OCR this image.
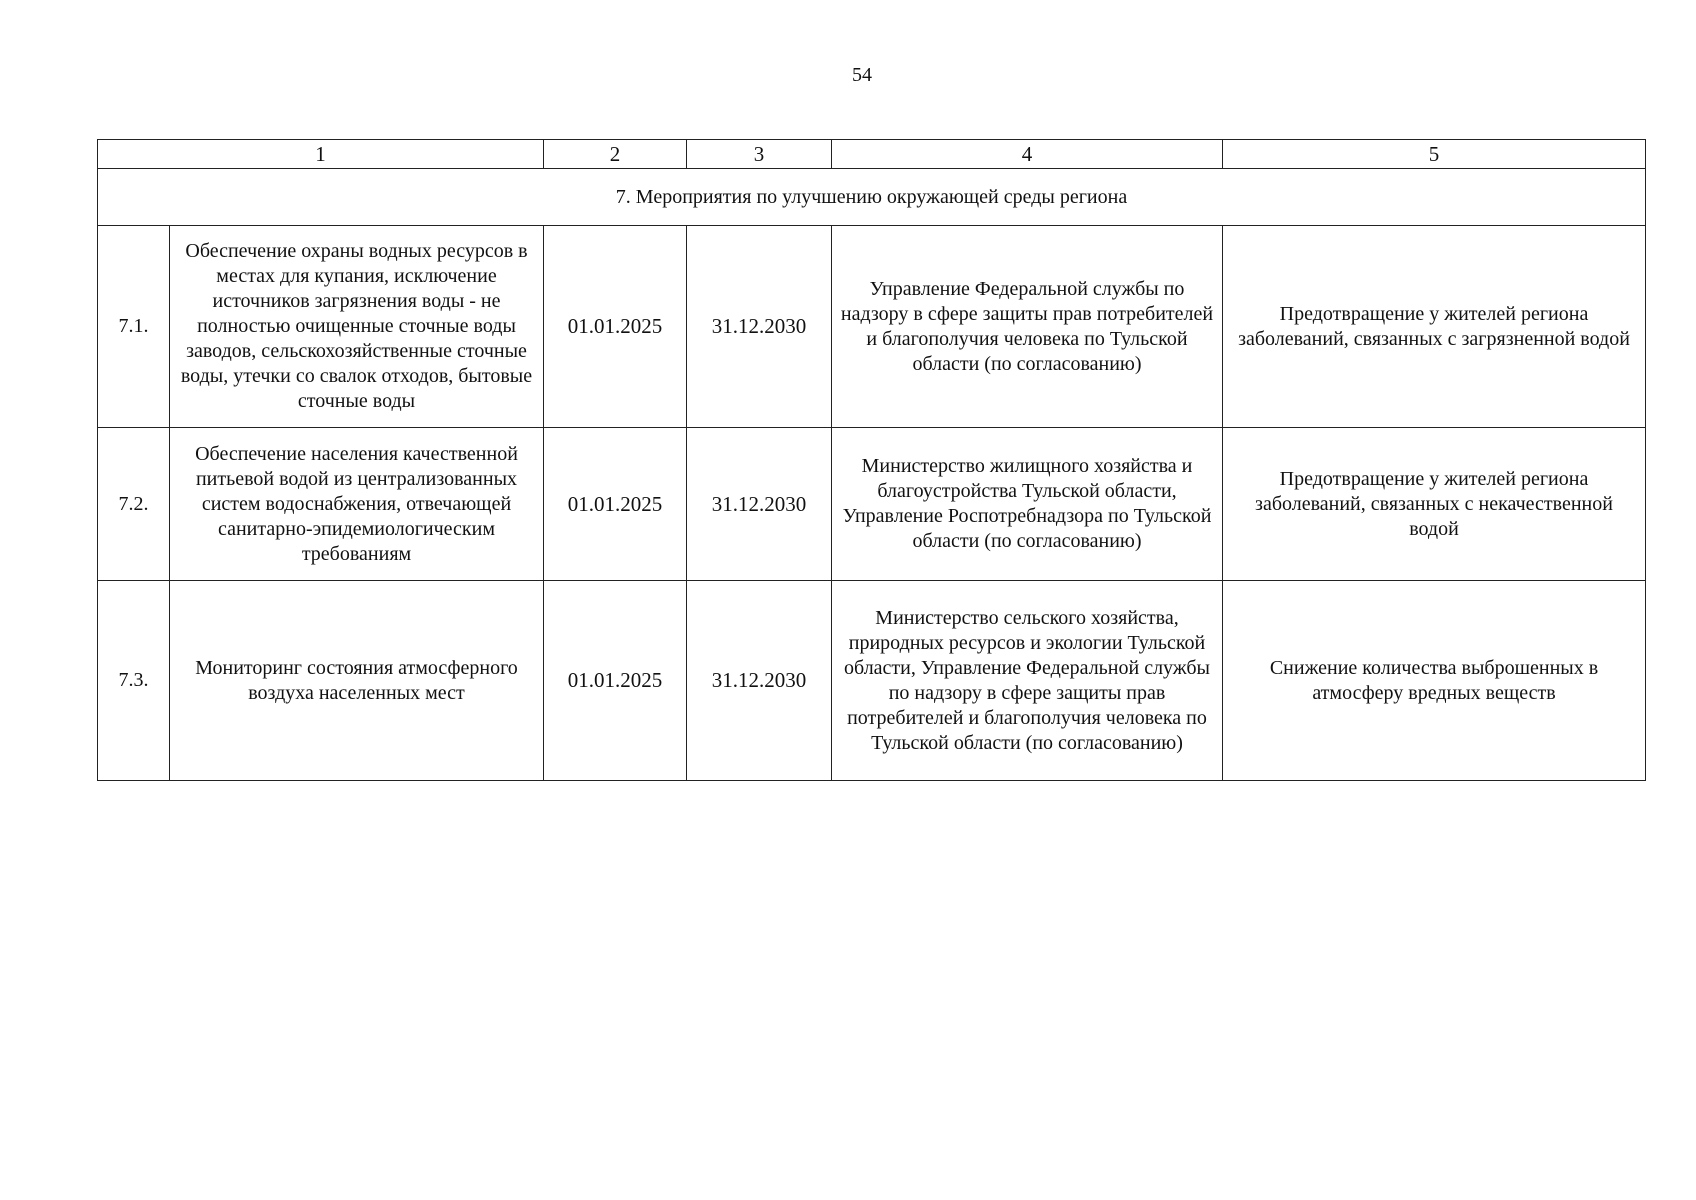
54
1		2	3	4	5
7. Мероприятия по улучшению окружающей среды региона					
7.1.	Обеспечение охраны водных ресурсов в местах для купания, исключение источников загрязнения воды - не полностью очищенные сточные воды заводов, сельскохозяйственные сточные воды, утечки со свалок отходов, бытовые сточные воды	01.01.2025	31.12.2030	Управление Федеральной службы по надзору в сфере защиты прав потребителей и благополучия человека по Тульской области (по согласованию)	Предотвращение у жителей региона заболеваний, связанных с загрязненной водой
7.2.	Обеспечение населения качественной питьевой водой из централизованных систем водоснабжения, отвечающей санитарно-эпидемиологическим требованиям	01.01.2025	31.12.2030	Министерство жилищного хозяйства и благоустройства Тульской области, Управление Роспотребнадзора по Тульской области (по согласованию)	Предотвращение у жителей региона заболеваний, связанных с некачественной водой
7.3.	Мониторинг состояния атмосферного воздуха населенных мест	01.01.2025	31.12.2030	Министерство сельского хозяйства, природных ресурсов и экологии Тульской области, Управление Федеральной службы по надзору в сфере защиты прав потребителей и благополучия человека по Тульской области (по согласованию)	Снижение количества выброшенных в атмосферу вредных веществ
